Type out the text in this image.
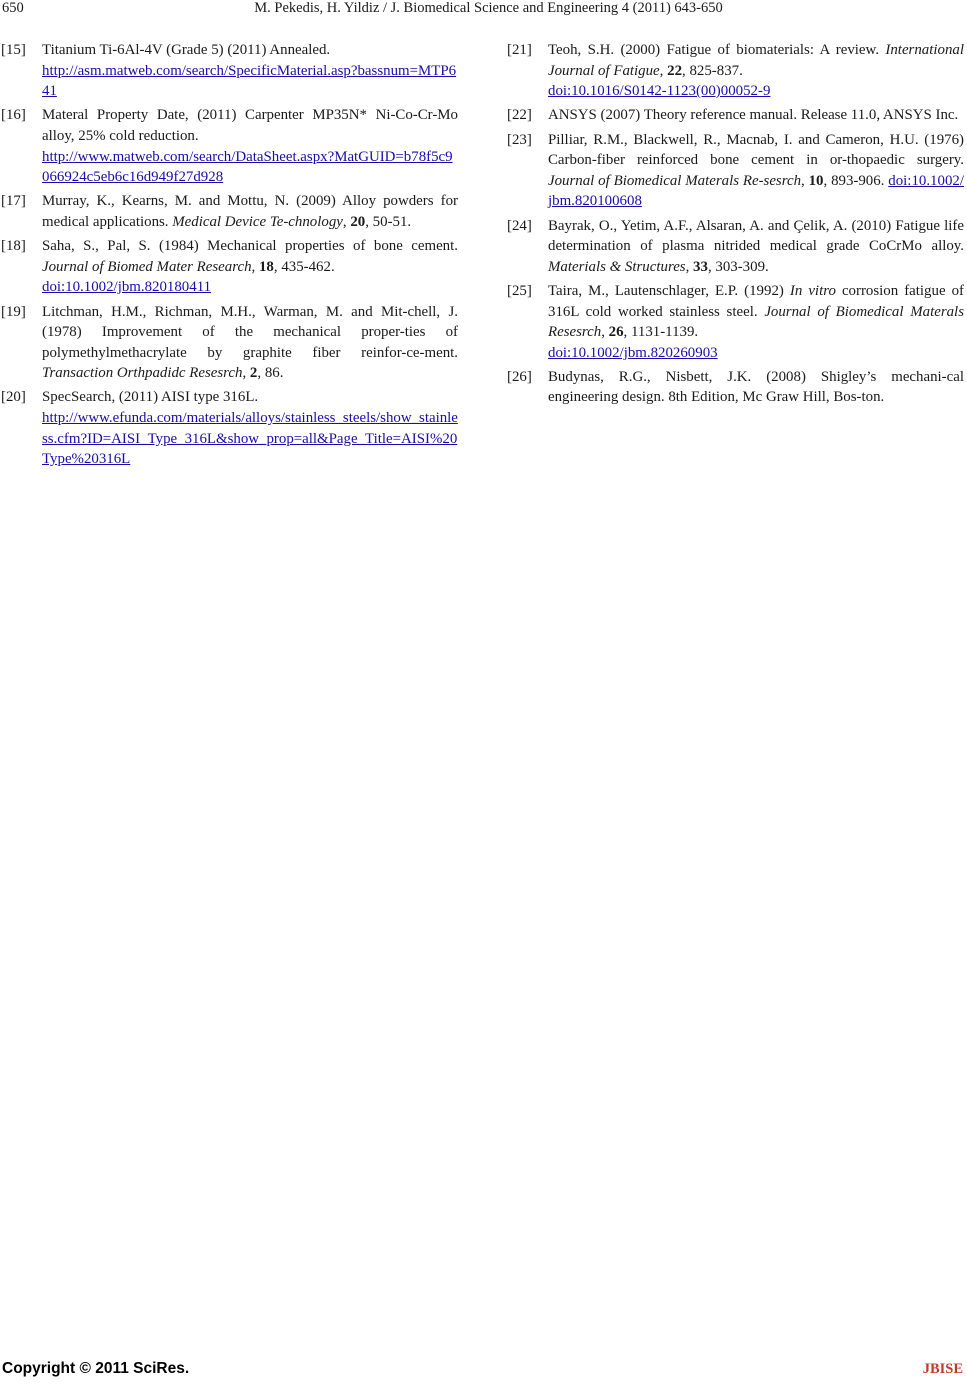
650	M. Pekedis, H. Yildiz / J. Biomedical Science and Engineering 4 (2011) 643-650
[15] Titanium Ti-6Al-4V (Grade 5) (2011) Annealed.
http://asm.matweb.com/search/SpecificMaterial.asp?bassnum=MTP641
[16] Materal Property Date, (2011) Carpenter MP35N* Ni-Co-Cr-Mo alloy, 25% cold reduction.
http://www.matweb.com/search/DataSheet.aspx?MatGUID=b78f5c9066924c5eb6c16d949f27d928
[17] Murray, K., Kearns, M. and Mottu, N. (2009) Alloy powders for medical applications. Medical Device Te-chnology, 20, 50-51.
[18] Saha, S., Pal, S. (1984) Mechanical properties of bone cement. Journal of Biomed Mater Research, 18, 435-462.
doi:10.1002/jbm.820180411
[19] Litchman, H.M., Richman, M.H., Warman, M. and Mit-chell, J. (1978) Improvement of the mechanical proper-ties of polymethylmethacrylate by graphite fiber reinfor-ce-ment. Transaction Orthpadidc Resesrch, 2, 86.
[20] SpecSearch, (2011) AISI type 316L.
http://www.efunda.com/materials/alloys/stainless_steels/show_stainless.cfm?ID=AISI_Type_316L&show_prop=all&Page_Title=AISI%20Type%20316L
[21] Teoh, S.H. (2000) Fatigue of biomaterials: A review. International Journal of Fatigue, 22, 825-837.
doi:10.1016/S0142-1123(00)00052-9
[22] ANSYS (2007) Theory reference manual. Release 11.0, ANSYS Inc.
[23] Pilliar, R.M., Blackwell, R., Macnab, I. and Cameron, H.U. (1976) Carbon-fiber reinforced bone cement in or-thopaedic surgery. Journal of Biomedical Materals Re-sesrch, 10, 893-906. doi:10.1002/jbm.820100608
[24] Bayrak, O., Yetim, A.F., Alsaran, A. and Çelik, A. (2010) Fatigue life determination of plasma nitrided medical grade CoCrMo alloy. Materials & Structures, 33, 303-309.
[25] Taira, M., Lautenschlager, E.P. (1992) In vitro corrosion fatigue of 316L cold worked stainless steel. Journal of Biomedical Materals Resesrch, 26, 1131-1139.
doi:10.1002/jbm.820260903
[26] Budynas, R.G., Nisbett, J.K. (2008) Shigley’s mechani-cal engineering design. 8th Edition, Mc Graw Hill, Bos-ton.
Copyright © 2011 SciRes.	JBISE
